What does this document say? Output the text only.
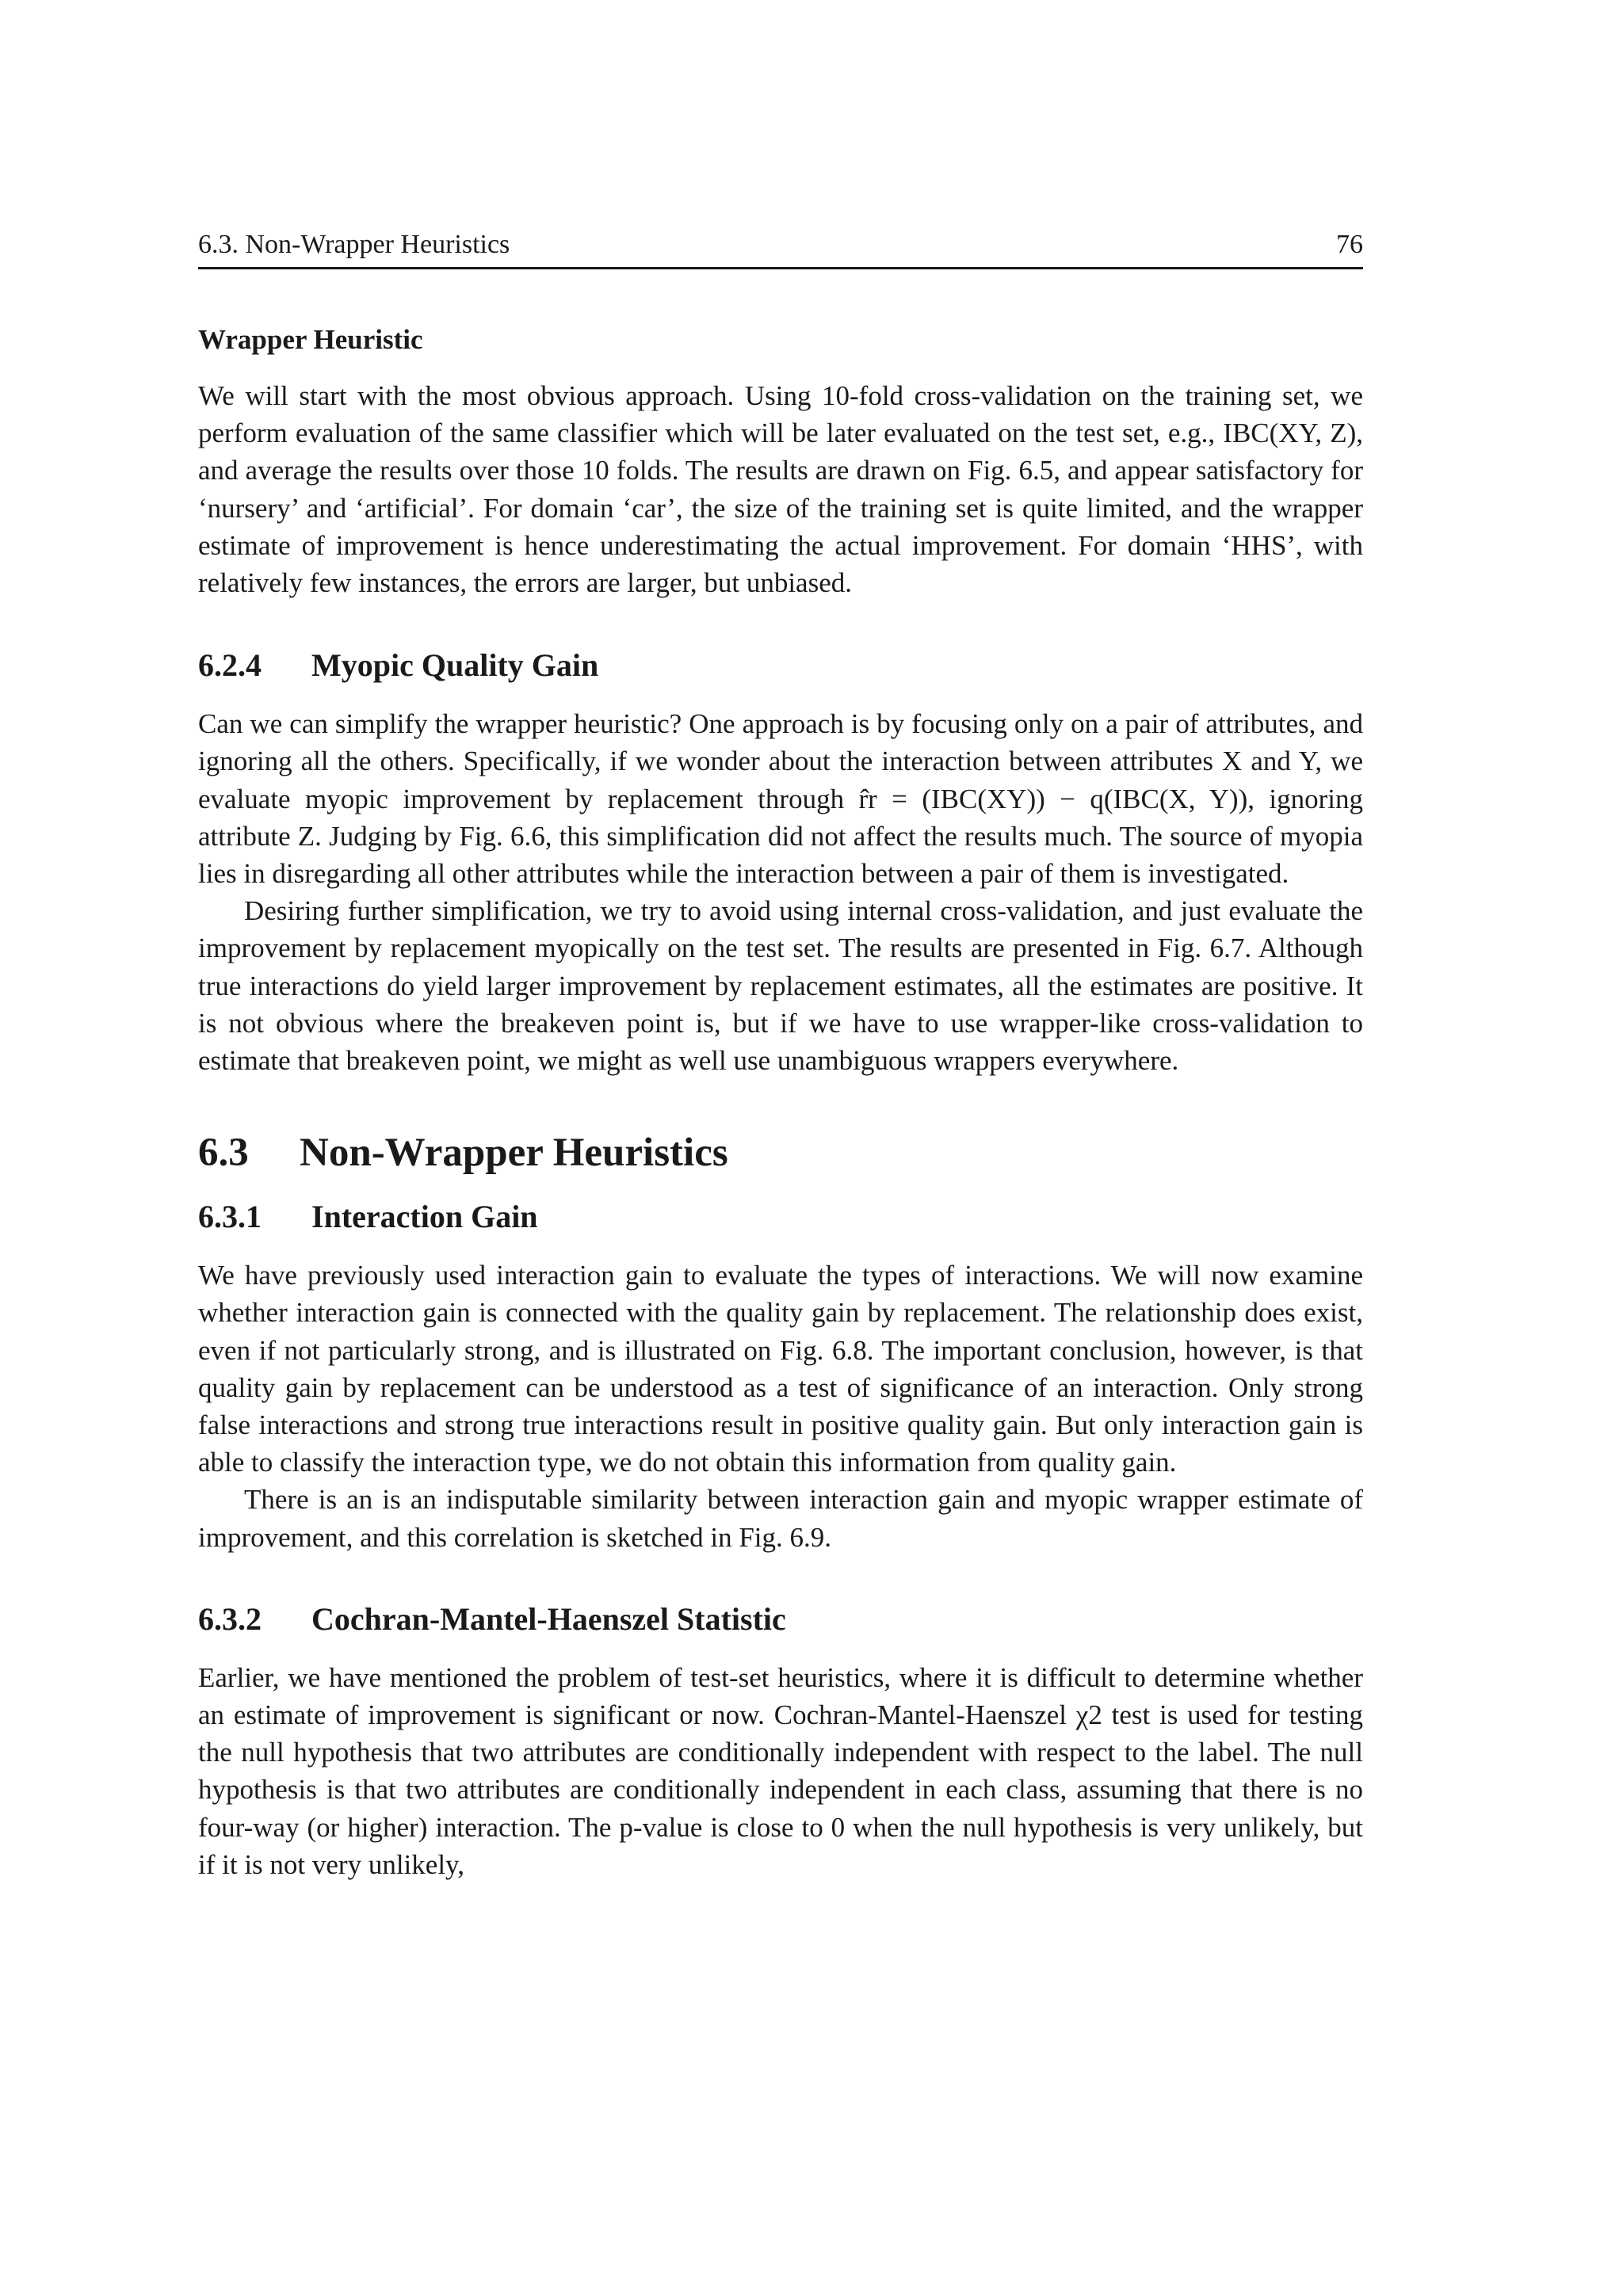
6.3. Non-Wrapper Heuristics	76
Wrapper Heuristic

We will start with the most obvious approach. Using 10-fold cross-validation on the training set, we perform evaluation of the same classifier which will be later evaluated on the test set, e.g., IBC(XY, Z), and average the results over those 10 folds. The results are drawn on Fig. 6.5, and appear satisfactory for ‘nursery’ and ‘artificial’. For domain ‘car’, the size of the training set is quite limited, and the wrapper estimate of improvement is hence underestimating the actual improvement. For domain ‘HHS’, with relatively few instances, the errors are larger, but unbiased.

6.2.4	Myopic Quality Gain

Can we can simplify the wrapper heuristic? One approach is by focusing only on a pair of attributes, and ignoring all the others. Specifically, if we wonder about the interaction between attributes X and Y, we evaluate myopic improvement by replacement through r̂r = (IBC(XY)) − q(IBC(X, Y)), ignoring attribute Z. Judging by Fig. 6.6, this simplification did not affect the results much. The source of myopia lies in disregarding all other attributes while the interaction between a pair of them is investigated.

Desiring further simplification, we try to avoid using internal cross-validation, and just evaluate the improvement by replacement myopically on the test set. The results are presented in Fig. 6.7. Although true interactions do yield larger improvement by replacement estimates, all the estimates are positive. It is not obvious where the breakeven point is, but if we have to use wrapper-like cross-validation to estimate that breakeven point, we might as well use unambiguous wrappers everywhere.

6.3	Non-Wrapper Heuristics
6.3.1	Interaction Gain

We have previously used interaction gain to evaluate the types of interactions. We will now examine whether interaction gain is connected with the quality gain by replacement. The relationship does exist, even if not particularly strong, and is illustrated on Fig. 6.8. The important conclusion, however, is that quality gain by replacement can be understood as a test of significance of an interaction. Only strong false interactions and strong true interactions result in positive quality gain. But only interaction gain is able to classify the interaction type, we do not obtain this information from quality gain.

There is an is an indisputable similarity between interaction gain and myopic wrapper estimate of improvement, and this correlation is sketched in Fig. 6.9.

6.3.2	Cochran-Mantel-Haenszel Statistic

Earlier, we have mentioned the problem of test-set heuristics, where it is difficult to determine whether an estimate of improvement is significant or now. Cochran-Mantel-Haenszel χ2 test is used for testing the null hypothesis that two attributes are conditionally independent with respect to the label. The null hypothesis is that two attributes are conditionally independent in each class, assuming that there is no four-way (or higher) interaction. The p-value is close to 0 when the null hypothesis is very unlikely, but if it is not very unlikely,
